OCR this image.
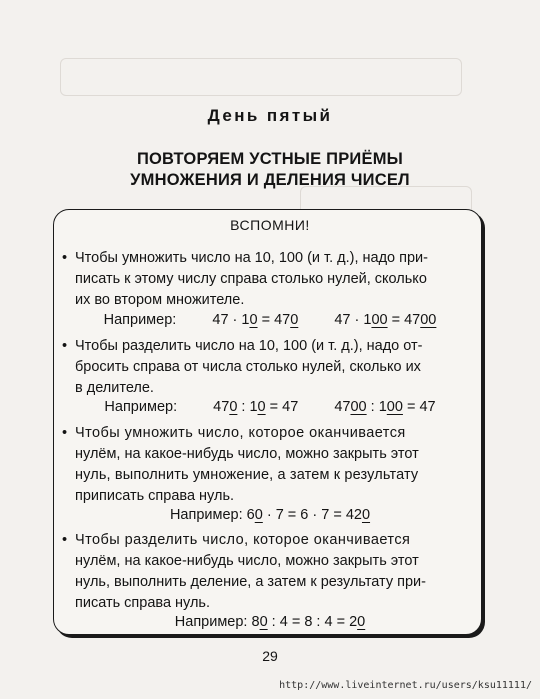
День пятый
ПОВТОРЯЕМ УСТНЫЕ ПРИЁМЫ
УМНОЖЕНИЯ И ДЕЛЕНИЯ ЧИСЕЛ
ВСПОМНИ!
• Чтобы умножить число на 10, 100 (и т. д.), надо при-
писать к этому числу справа столько нулей, сколько
их во втором множителе.
Например: 47 · 10 = 470 47 · 100 = 4700
• Чтобы разделить число на 10, 100 (и т. д.), надо от-
бросить справа от числа столько нулей, сколько их
в делителе.
Например: 470 : 10 = 47 4700 : 100 = 47
• Чтобы умножить число, которое оканчивается
нулём, на какое-нибудь число, можно закрыть этот
нуль, выполнить умножение, а затем к результату
приписать справа нуль.
Например: 60 · 7 = 6 · 7 = 420
• Чтобы разделить число, которое оканчивается
нулём, на какое-нибудь число, можно закрыть этот
нуль, выполнить деление, а затем к результату при-
писать справа нуль.
Например: 80 : 4 = 8 : 4 = 20
29
http://www.liveinternet.ru/users/ksu11111/
